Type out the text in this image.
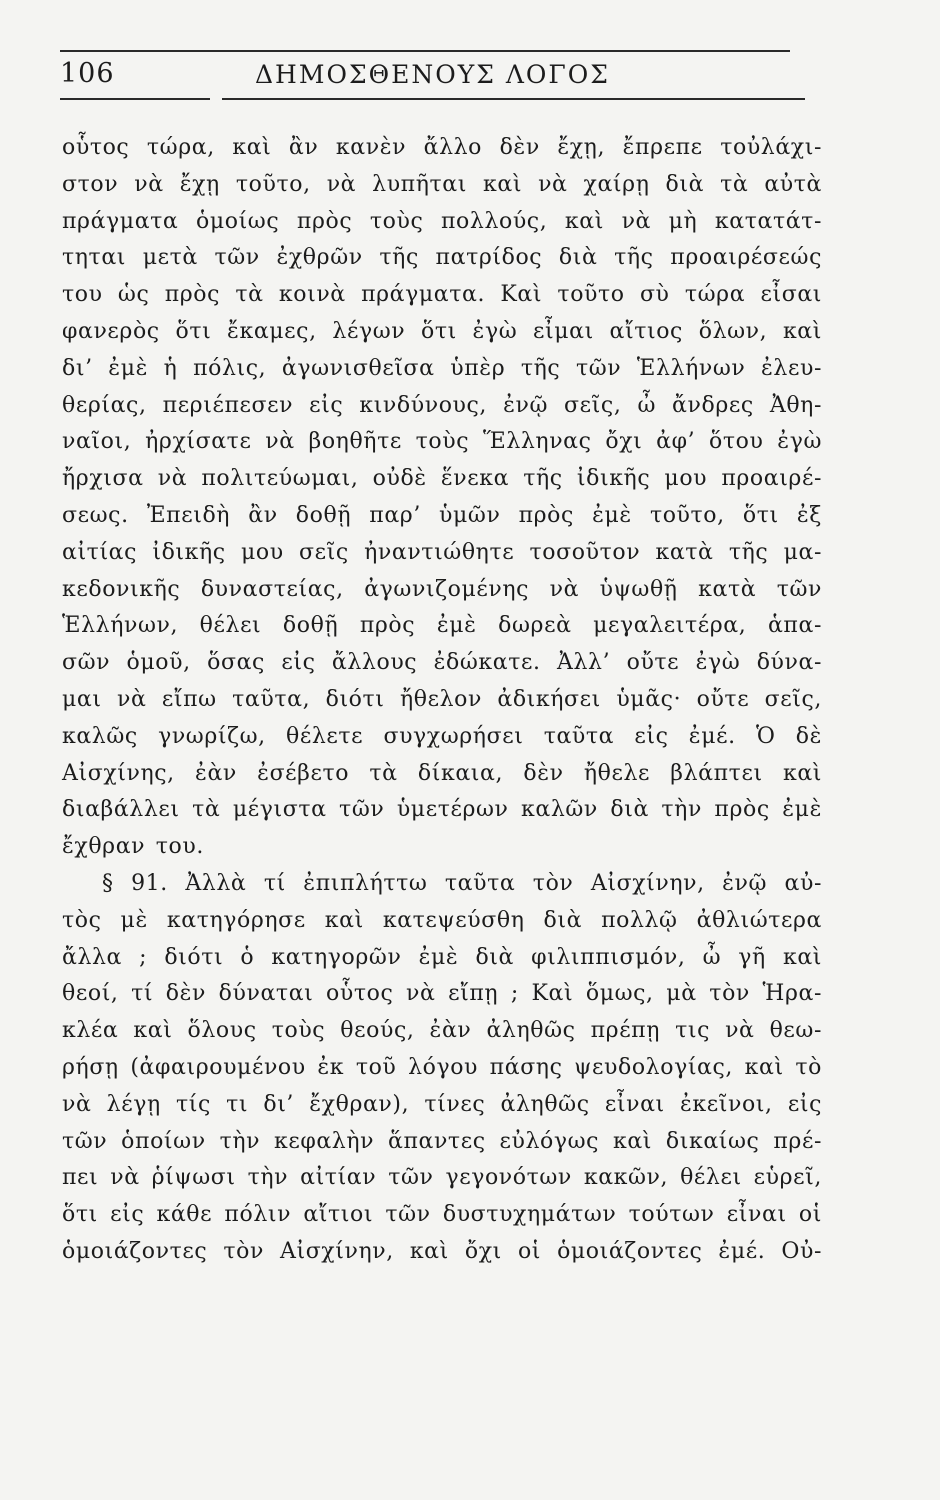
106	ΔΗΜΟΣΘΕΝΟΥΣ ΛΟΓΟΣ
οὗτος τώρα, καὶ ἂν κανὲν ἄλλο δὲν ἔχῃ, ἔπρεπε τοὐλάχι-
στον νὰ ἔχῃ τοῦτο, νὰ λυπῆται καὶ νὰ χαίρῃ διὰ τὰ αὐτὰ
πράγματα ὁμοίως πρὸς τοὺς πολλούς, καὶ νὰ μὴ κατατάτ-
τηται μετὰ τῶν ἐχθρῶν τῆς πατρίδος διὰ τῆς προαιρέσεώς
του ὡς πρὸς τὰ κοινὰ πράγματα. Καὶ τοῦτο σὺ τώρα εἶσαι
φανερὸς ὅτι ἔκαμες, λέγων ὅτι ἐγὼ εἶμαι αἴτιος ὅλων, καὶ
δι’ ἐμὲ ἡ πόλις, ἀγωνισθεῖσα ὑπὲρ τῆς τῶν Ἑλλήνων ἐλευ-
θερίας, περιέπεσεν εἰς κινδύνους, ἐνῷ σεῖς, ὦ ἄνδρες Ἀθη-
ναῖοι, ἠρχίσατε νὰ βοηθῆτε τοὺς Ἕλληνας ὄχι ἀφ’ ὅτου ἐγὼ
ἤρχισα νὰ πολιτεύωμαι, οὐδὲ ἕνεκα τῆς ἰδικῆς μου προαιρέ-
σεως. Ἐπειδὴ ἂν δοθῇ παρ’ ὑμῶν πρὸς ἐμὲ τοῦτο, ὅτι ἐξ
αἰτίας ἰδικῆς μου σεῖς ἠναντιώθητε τοσοῦτον κατὰ τῆς μα-
κεδονικῆς δυναστείας, ἀγωνιζομένης νὰ ὑψωθῇ κατὰ τῶν
Ἑλλήνων, θέλει δοθῇ πρὸς ἐμὲ δωρεὰ μεγαλειτέρα, ἁπα-
σῶν ὁμοῦ, ὅσας εἰς ἄλλους ἐδώκατε. Ἀλλ’ οὔτε ἐγὼ δύνα-
μαι νὰ εἴπω ταῦτα, διότι ἤθελον ἀδικήσει ὑμᾶς· οὔτε σεῖς,
καλῶς γνωρίζω, θέλετε συγχωρήσει ταῦτα εἰς ἐμέ. Ὁ δὲ
Αἰσχίνης, ἐὰν ἐσέβετο τὰ δίκαια, δὲν ἤθελε βλάπτει καὶ
διαβάλλει τὰ μέγιστα τῶν ὑμετέρων καλῶν διὰ τὴν πρὸς ἐμὲ
ἔχθραν του.
§ 91. Ἀλλὰ τί ἐπιπλήττω ταῦτα τὸν Αἰσχίνην, ἐνῷ αὐ-
τὸς μὲ κατηγόρησε καὶ κατεψεύσθη διὰ πολλῷ ἀθλιώτερα
ἄλλα ; διότι ὁ κατηγορῶν ἐμὲ διὰ φιλιππισμόν, ὦ γῆ καὶ
θεοί, τί δὲν δύναται οὗτος νὰ εἴπῃ ; Καὶ ὅμως, μὰ τὸν Ἡρα-
κλέα καὶ ὅλους τοὺς θεούς, ἐὰν ἀληθῶς πρέπῃ τις νὰ θεω-
ρήσῃ (ἀφαιρουμένου ἐκ τοῦ λόγου πάσης ψευδολογίας, καὶ τὸ
νὰ λέγῃ τίς τι δι’ ἔχθραν), τίνες ἀληθῶς εἶναι ἐκεῖνοι, εἰς
τῶν ὁποίων τὴν κεφαλὴν ἅπαντες εὐλόγως καὶ δικαίως πρέ-
πει νὰ ῥίψωσι τὴν αἰτίαν τῶν γεγονότων κακῶν, θέλει εὑρεῖ,
ὅτι εἰς κάθε πόλιν αἴτιοι τῶν δυστυχημάτων τούτων εἶναι οἱ
ὁμοιάζοντες τὸν Αἰσχίνην, καὶ ὄχι οἱ ὁμοιάζοντες ἐμέ. Οὐ-
